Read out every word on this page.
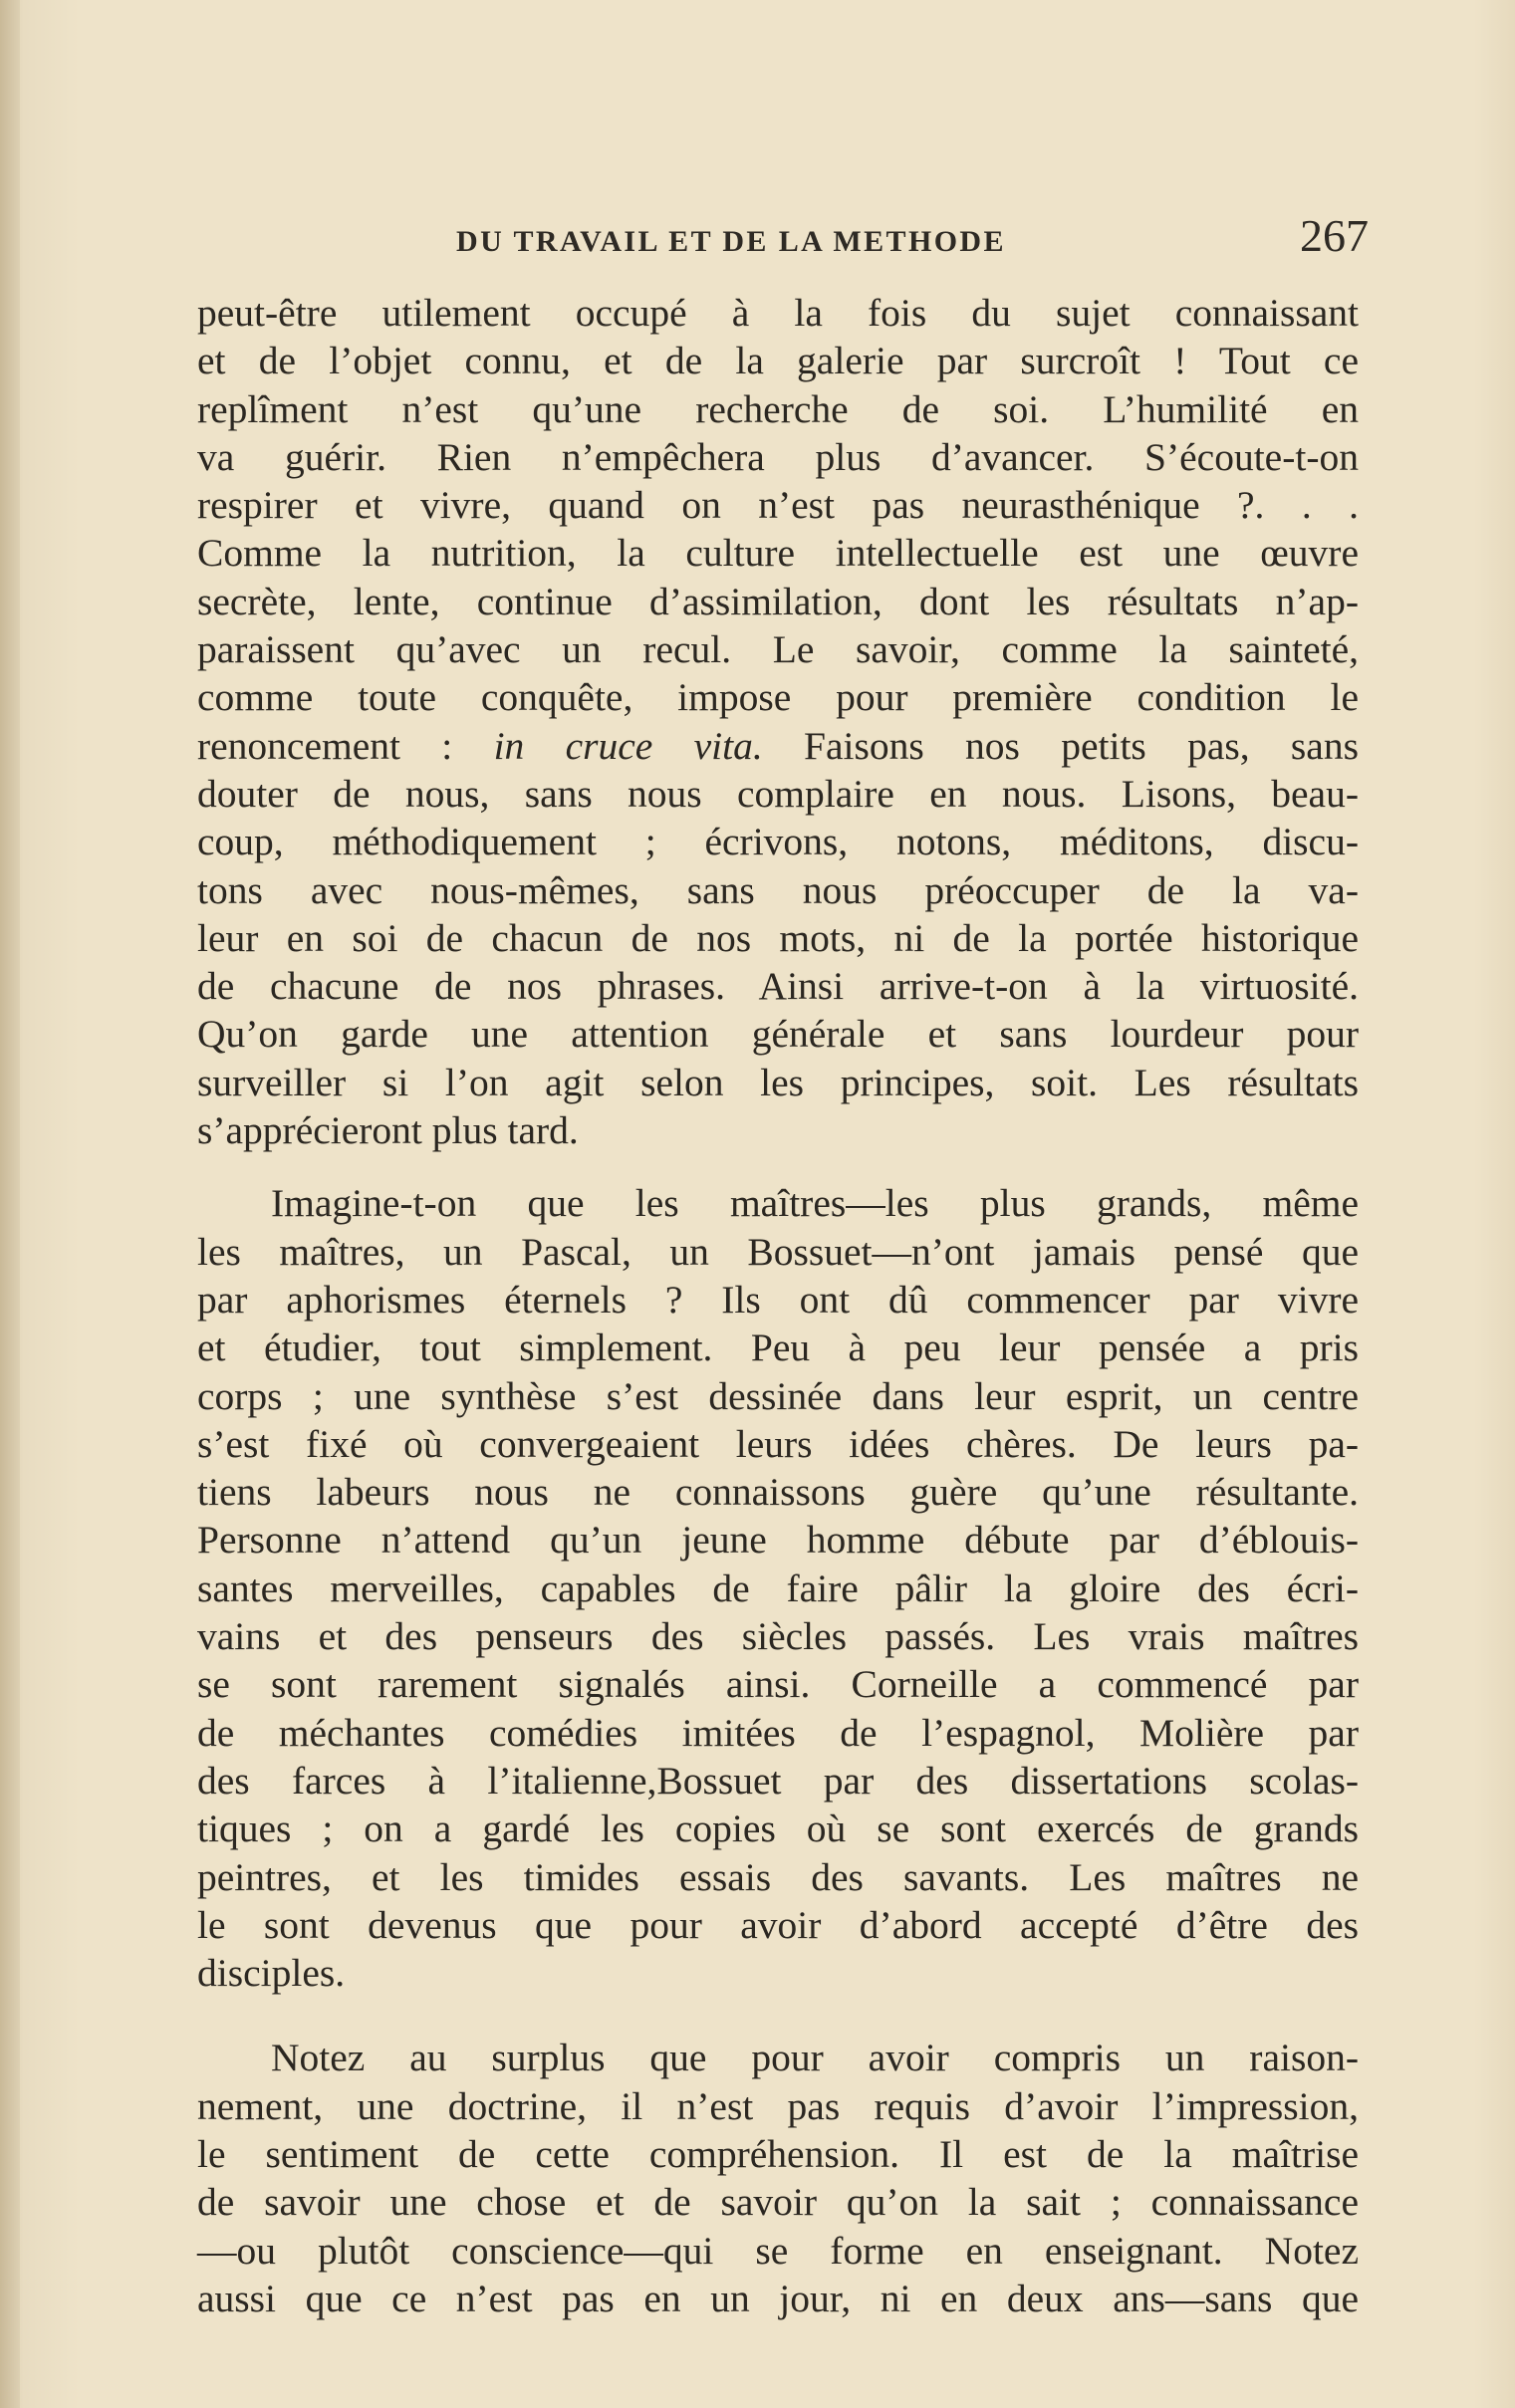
DU TRAVAIL ET DE LA METHODE	267

peut-être utilement occupé à la fois du sujet connaissant
et de l’objet connu, et de la galerie par surcroît ! Tout ce
replîment n’est qu’une recherche de soi. L’humilité en
va guérir. Rien n’empêchera plus d’avancer. S’écoute-t-on
respirer et vivre, quand on n’est pas neurasthénique ?. . .
Comme la nutrition, la culture intellectuelle est une œuvre
secrète, lente, continue d’assimilation, dont les résultats n’ap-
paraissent qu’avec un recul. Le savoir, comme la sainteté,
comme toute conquête, impose pour première condition le
renoncement : in cruce vita. Faisons nos petits pas, sans
douter de nous, sans nous complaire en nous. Lisons, beau-
coup, méthodiquement ; écrivons, notons, méditons, discu-
tons avec nous-mêmes, sans nous préoccuper de la va-
leur en soi de chacun de nos mots, ni de la portée historique
de chacune de nos phrases. Ainsi arrive-t-on à la virtuosité.
Qu’on garde une attention générale et sans lourdeur pour
surveiller si l’on agit selon les principes, soit. Les résultats
s’apprécieront plus tard.

Imagine-t-on que les maîtres—les plus grands, même
les maîtres, un Pascal, un Bossuet—n’ont jamais pensé que
par aphorismes éternels ? Ils ont dû commencer par vivre
et étudier, tout simplement. Peu à peu leur pensée a pris
corps ; une synthèse s’est dessinée dans leur esprit, un centre
s’est fixé où convergeaient leurs idées chères. De leurs pa-
tiens labeurs nous ne connaissons guère qu’une résultante.
Personne n’attend qu’un jeune homme débute par d’éblouis-
santes merveilles, capables de faire pâlir la gloire des écri-
vains et des penseurs des siècles passés. Les vrais maîtres
se sont rarement signalés ainsi. Corneille a commencé par
de méchantes comédies imitées de l’espagnol, Molière par
des farces à l’italienne,Bossuet par des dissertations scolas-
tiques ; on a gardé les copies où se sont exercés de grands
peintres, et les timides essais des savants. Les maîtres ne
le sont devenus que pour avoir d’abord accepté d’être des
disciples.

Notez au surplus que pour avoir compris un raison-
nement, une doctrine, il n’est pas requis d’avoir l’impression,
le sentiment de cette compréhension. Il est de la maîtrise
de savoir une chose et de savoir qu’on la sait ; connaissance
—ou plutôt conscience—qui se forme en enseignant. Notez
aussi que ce n’est pas en un jour, ni en deux ans—sans que
